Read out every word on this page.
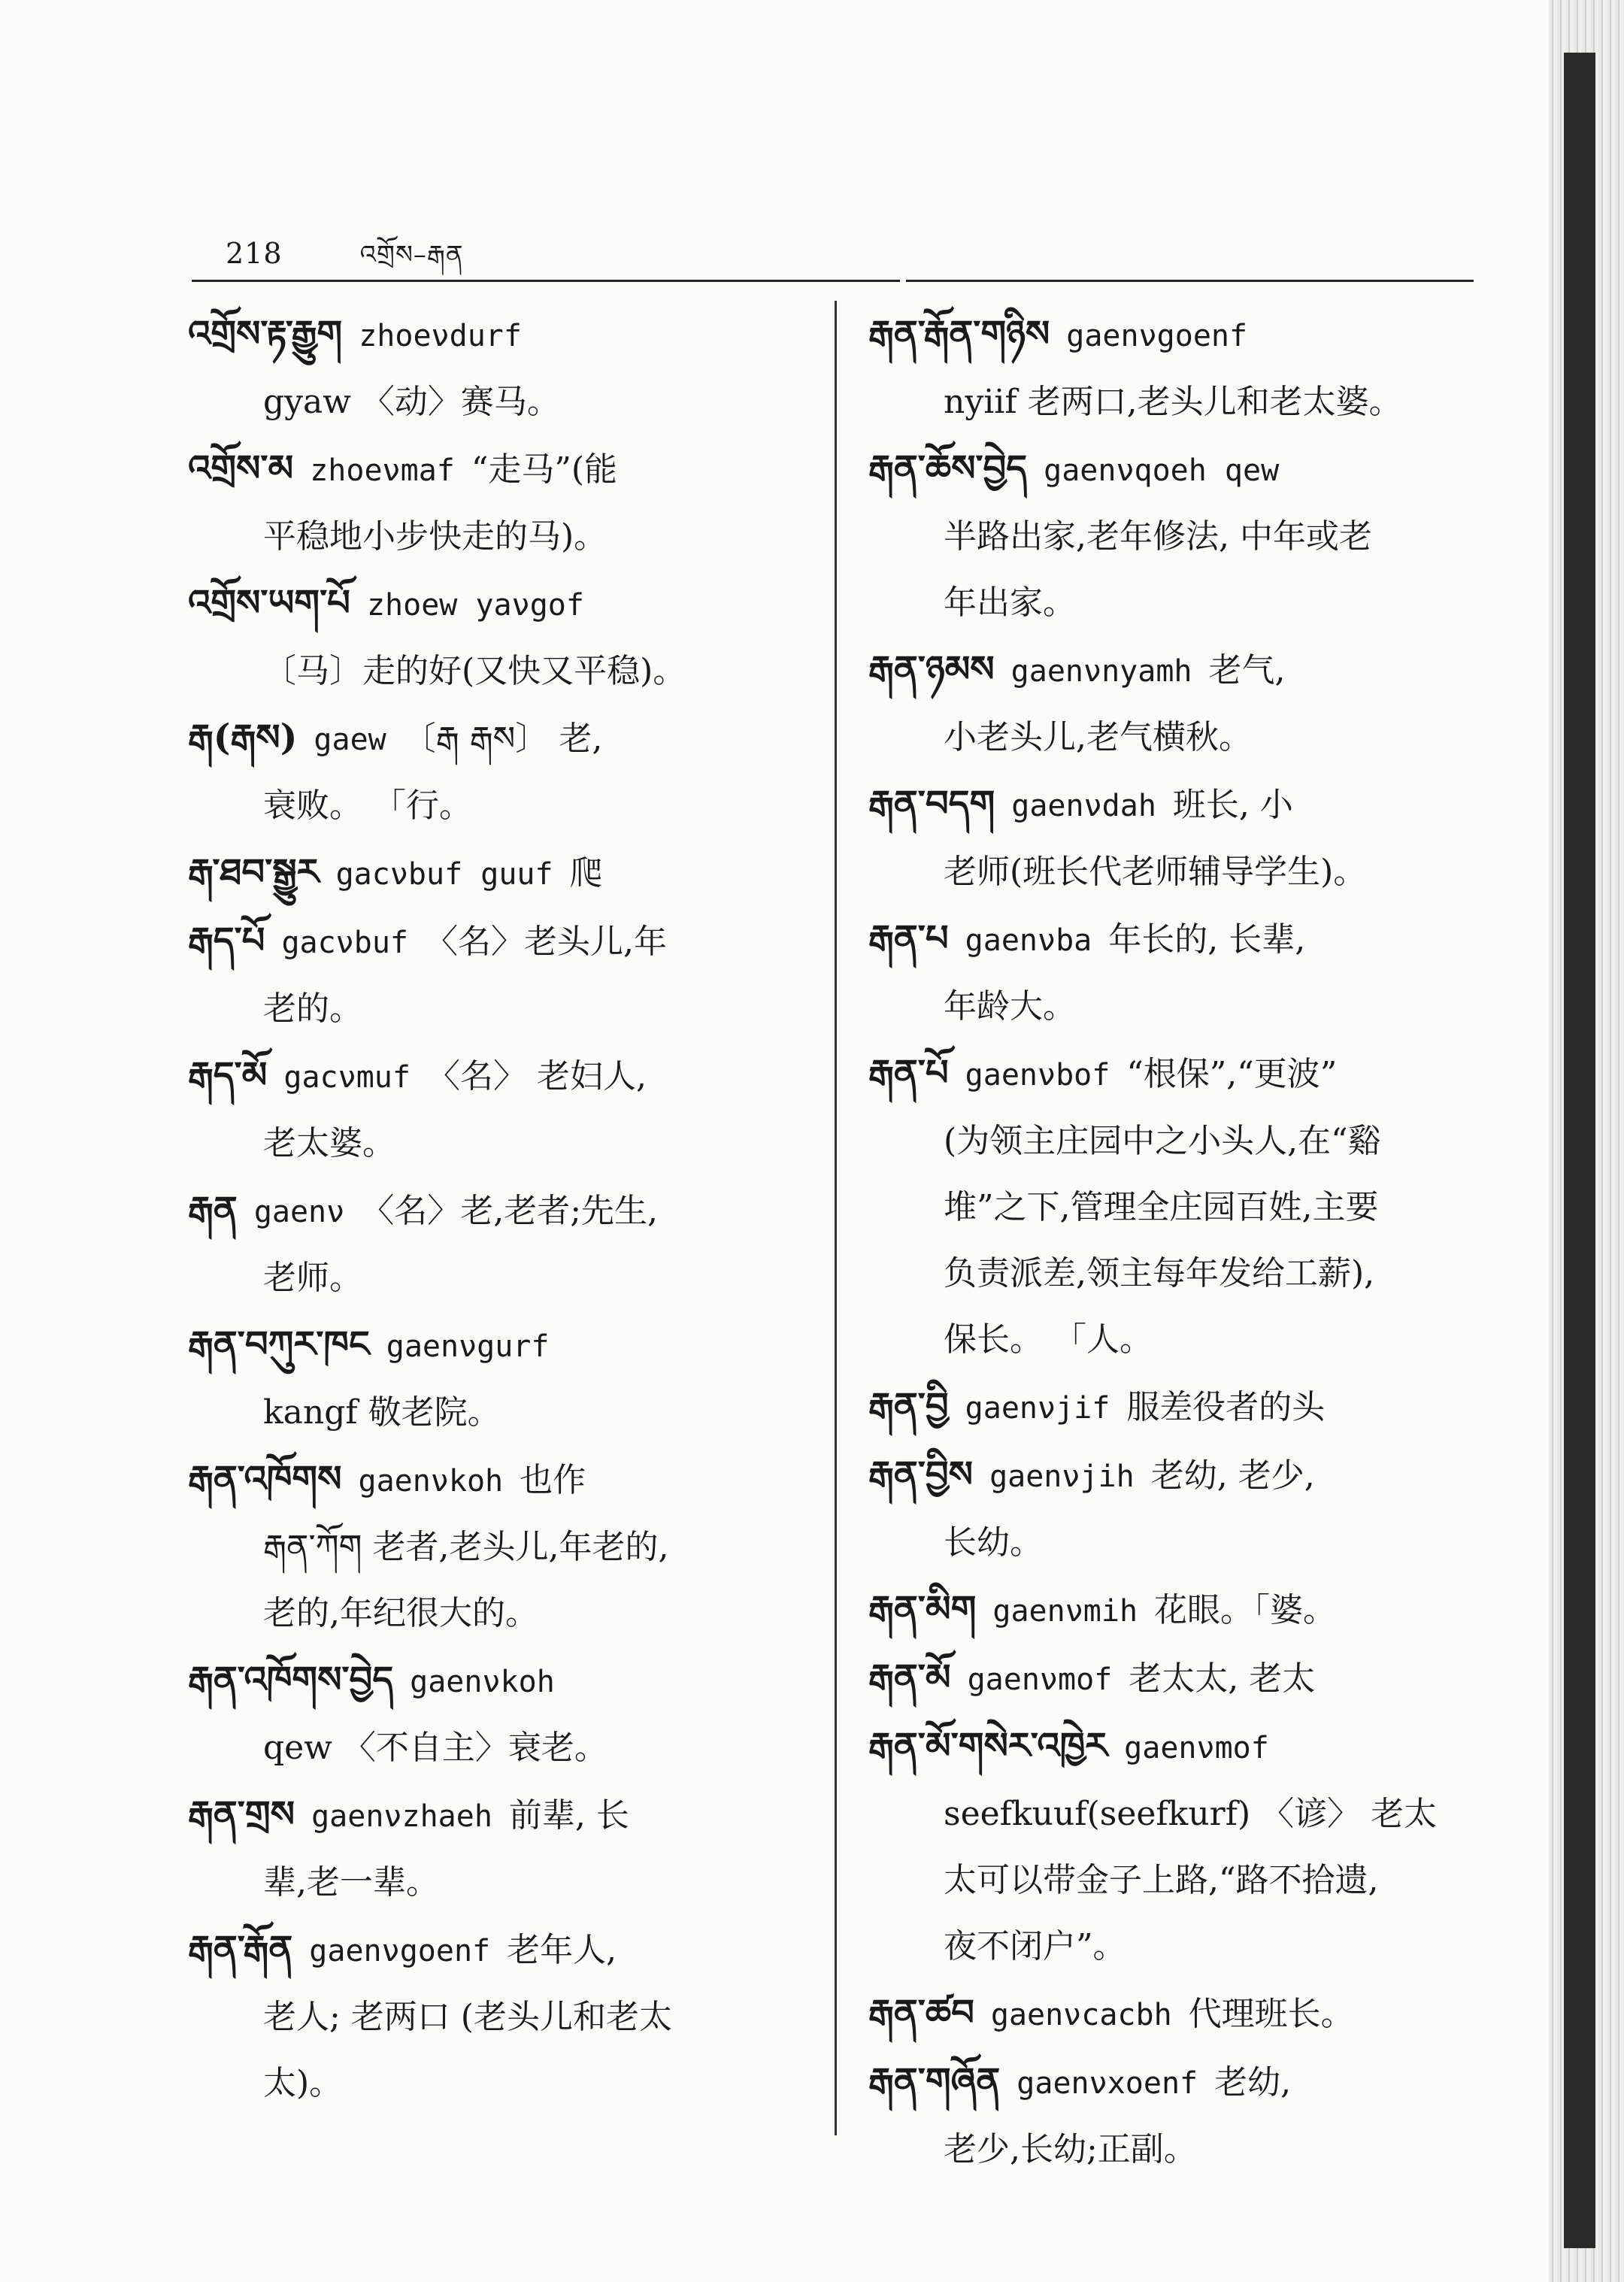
218	འགྲོས–རྒན
འགྲོས་རྟ་རྒྱུག zhoeνdurf
gyaw 〈动〉赛马。
འགྲོས་མ zhoeνmaf “走马”(能
平稳地小步快走的马)。
འགྲོས་ཡག་པོ zhoew yaνgof
〔马〕走的好(又快又平稳)。
རྒ(རྒས) gaew 〔རྒ རྒས〕 老,
衰败。 「行。
རྒ་ཐབ་སྒྱུར gacνbuf guuf 爬
རྒད་པོ gacνbuf 〈名〉老头儿,年
老的。
རྒད་མོ gacνmuf 〈名〉 老妇人,
老太婆。
རྒན gaenν 〈名〉老,老者;先生,
老师。
རྒན་བཀུར་ཁང gaenνgurf
kangf 敬老院。
རྒན་འཁོགས gaenνkoh 也作
རྒན་ཀོག 老者,老头儿,年老的,
老的,年纪很大的。
རྒན་འཁོགས་བྱེད gaenνkoh
qew 〈不自主〉衰老。
རྒན་གྲས gaenνzhaeh 前辈, 长
辈,老一辈。
རྒན་རྒོན gaenνgoenf 老年人,
老人; 老两口 (老头儿和老太
太)。
རྒན་རྒོན་གཉིས gaenνgoenf
nyiif 老两口,老头儿和老太婆。
རྒན་ཆོས་བྱེད gaenνqoeh qew
半路出家,老年修法, 中年或老
年出家。
རྒན་ཉམས gaenνnyamh 老气,
小老头儿,老气横秋。
རྒན་བདག gaenνdah 班长, 小
老师(班长代老师辅导学生)。
རྒན་པ gaenνba 年长的, 长辈,
年龄大。
རྒན་པོ gaenνbof “根保”,“更波”
(为领主庄园中之小头人,在“谿
堆”之下,管理全庄园百姓,主要
负责派差,领主每年发给工薪),
保长。 「人。
རྒན་བྱི gaenνjif 服差役者的头
རྒན་བྱིས gaenνjih 老幼, 老少,
长幼。
རྒན་མིག gaenνmih 花眼。「婆。
རྒན་མོ gaenνmof 老太太, 老太
རྒན་མོ་གསེར་འཁྱེར gaenνmof
seefkuuf(seefkurf) 〈谚〉 老太
太可以带金子上路,“路不拾遗,
夜不闭户”。
རྒན་ཚབ gaenνcacbh 代理班长。
རྒན་གཞོན gaenνxoenf 老幼,
老少,长幼;正副。
